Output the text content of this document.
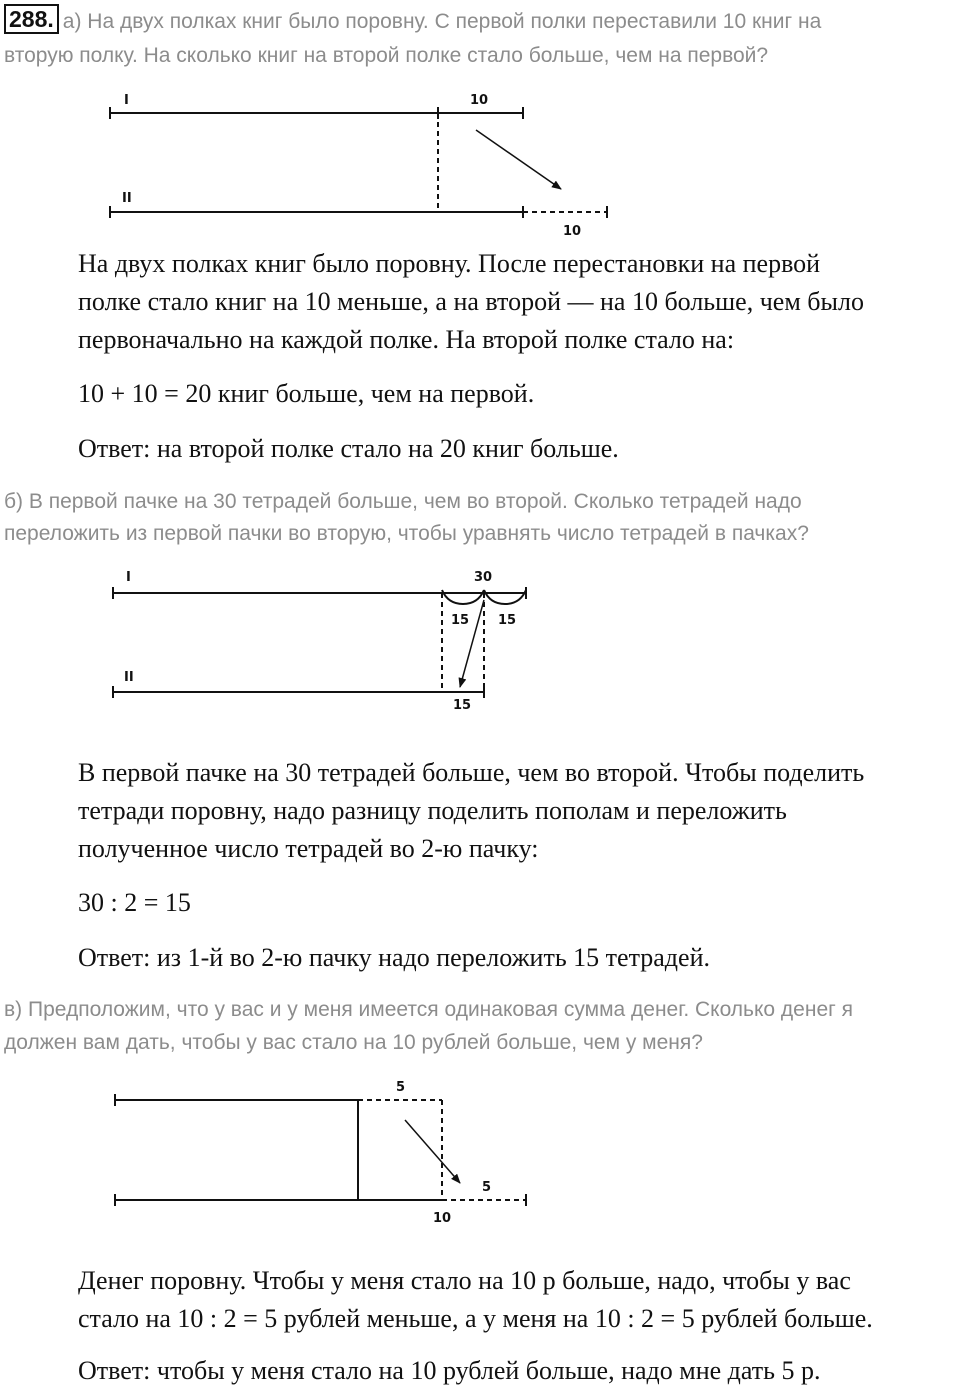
288. а) На двух полках книг было поровну. С первой полки переставили 10 книг на
вторую полку. На сколько книг на второй полке стало больше, чем на первой?
I	10
II
10
На двух полках книг было поровну. После перестановки на первой
полке стало книг на 10 меньше, а на второй — на 10 больше, чем было
первоначально на каждой полке. На второй полке стало на:
10 + 10 = 20 книг больше, чем на первой.
Ответ: на второй полке стало на 20 книг больше.
б) В первой пачке на 30 тетрадей больше, чем во второй. Сколько тетрадей надо
переложить из первой пачки во вторую, чтобы уравнять число тетрадей в пачках?
I	30
15 15
II
15
В первой пачке на 30 тетрадей больше, чем во второй. Чтобы поделить
тетради поровну, надо разницу поделить пополам и переложить
полученное число тетрадей во 2-ю пачку:
30 : 2 = 15
Ответ: из 1-й во 2-ю пачку надо переложить 15 тетрадей.
в) Предположим, что у вас и у меня имеется одинаковая сумма денег. Сколько денег я
должен вам дать, чтобы у вас стало на 10 рублей больше, чем у меня?
5
5
10
Денег поровну. Чтобы у меня стало на 10 р больше, надо, чтобы у вас
стало на 10 : 2 = 5 рублей меньше, а у меня на 10 : 2 = 5 рублей больше.
Ответ: чтобы у меня стало на 10 рублей больше, надо мне дать 5 р.
